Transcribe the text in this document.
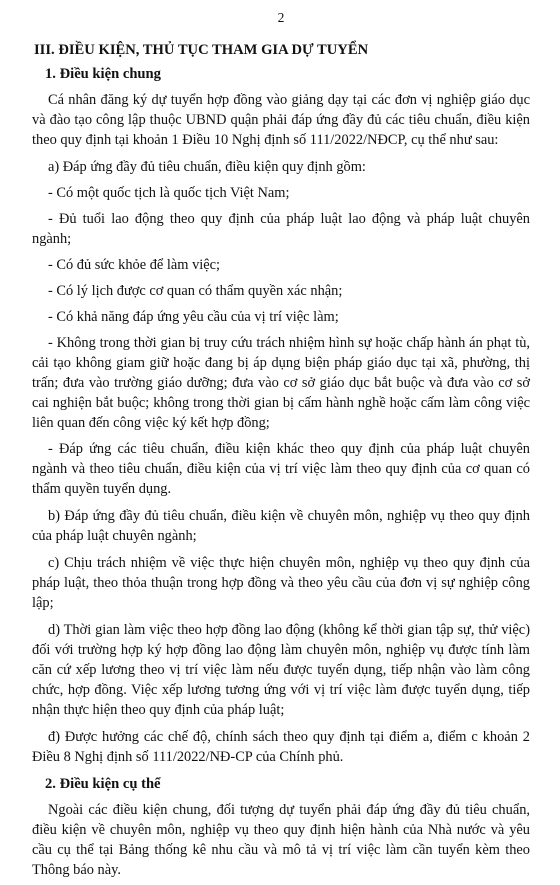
2
III. ĐIỀU KIỆN, THỦ TỤC THAM GIA DỰ TUYỂN
1. Điều kiện chung

Cá nhân đăng ký dự tuyển hợp đồng vào giảng dạy tại các đơn vị nghiệp giáo dục và đào tạo công lập thuộc UBND quận phải đáp ứng đầy đủ các tiêu chuẩn, điều kiện theo quy định tại khoản 1 Điều 10 Nghị định số 111/2022/NĐCP, cụ thể như sau:

a) Đáp ứng đầy đủ tiêu chuẩn, điều kiện quy định gồm:

- Có một quốc tịch là quốc tịch Việt Nam;

- Đủ tuổi lao động theo quy định của pháp luật lao động và pháp luật chuyên ngành;

- Có đủ sức khỏe để làm việc;

- Có lý lịch được cơ quan có thẩm quyền xác nhận;

- Có khả năng đáp ứng yêu cầu của vị trí việc làm;

- Không trong thời gian bị truy cứu trách nhiệm hình sự hoặc chấp hành án phạt tù, cải tạo không giam giữ hoặc đang bị áp dụng biện pháp giáo dục tại xã, phường, thị trấn; đưa vào trường giáo dưỡng; đưa vào cơ sở giáo dục bắt buộc và đưa vào cơ sở cai nghiện bắt buộc; không trong thời gian bị cấm hành nghề hoặc cấm làm công việc liên quan đến công việc ký kết hợp đồng;

- Đáp ứng các tiêu chuẩn, điều kiện khác theo quy định của pháp luật chuyên ngành và theo tiêu chuẩn, điều kiện của vị trí việc làm theo quy định của cơ quan có thẩm quyền tuyển dụng.

b) Đáp ứng đầy đủ tiêu chuẩn, điều kiện về chuyên môn, nghiệp vụ theo quy định của pháp luật chuyên ngành;

c) Chịu trách nhiệm về việc thực hiện chuyên môn, nghiệp vụ theo quy định của pháp luật, theo thỏa thuận trong hợp đồng và theo yêu cầu của đơn vị sự nghiệp công lập;

d) Thời gian làm việc theo hợp đồng lao động (không kể thời gian tập sự, thử việc) đối với trường hợp ký hợp đồng lao động làm chuyên môn, nghiệp vụ được tính làm căn cứ xếp lương theo vị trí việc làm nếu được tuyển dụng, tiếp nhận vào làm công chức, hợp đồng. Việc xếp lương tương ứng với vị trí việc làm được tuyển dụng, tiếp nhận thực hiện theo quy định của pháp luật;

đ) Được hưởng các chế độ, chính sách theo quy định tại điểm a, điểm c khoản 2 Điều 8 Nghị định số 111/2022/NĐ-CP của Chính phủ.

2. Điều kiện cụ thể

Ngoài các điều kiện chung, đối tượng dự tuyển phải đáp ứng đầy đủ tiêu chuẩn, điều kiện về chuyên môn, nghiệp vụ theo quy định hiện hành của Nhà nước và yêu cầu cụ thể tại Bảng thống kê nhu cầu và mô tả vị trí việc làm cần tuyển kèm theo Thông báo này.
